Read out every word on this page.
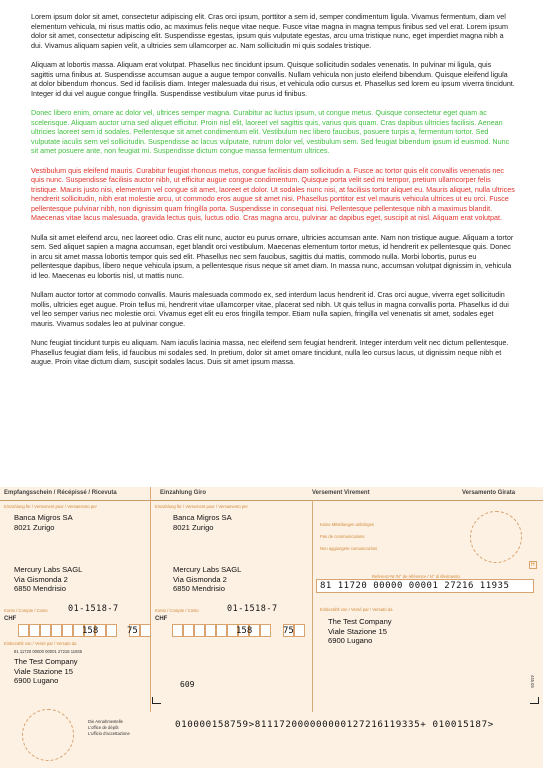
Lorem ipsum dolor sit amet, consectetur adipiscing elit. Cras orci ipsum, porttitor a sem id, semper condimentum ligula. Vivamus fermentum, diam vel elementum vehicula, mi risus mattis odio, ac maximus felis neque vitae neque. Fusce vitae magna in magna tempus finibus sed vel erat. Lorem ipsum dolor sit amet, consectetur adipiscing elit. Suspendisse egestas, ipsum quis vulputate egestas, arcu urna tristique nunc, eget imperdiet magna nibh a dui. Vivamus aliquam sapien velit, a ultricies sem ullamcorper ac. Nam sollicitudin mi quis sodales tristique.

Aliquam at lobortis massa. Aliquam erat volutpat. Phasellus nec tincidunt ipsum. Quisque sollicitudin sodales venenatis. In pulvinar mi ligula, quis sagittis urna finibus at. Suspendisse accumsan augue a augue tempor convallis. Nullam vehicula non justo eleifend bibendum. Quisque eleifend ligula at dolor bibendum rhoncus. Sed id facilisis diam. Integer malesuada dui risus, et vehicula odio cursus et. Phasellus sed lorem eu ipsum viverra tincidunt. Integer id dui vel augue congue fringilla. Suspendisse vestibulum vitae purus id finibus.

Donec libero enim, ornare ac dolor vel, ultrices semper magna. Curabitur ac luctus ipsum, ut congue metus. Quisque consectetur eget quam ac scelerisque. Aliquam auctor urna sed aliquet efficitur. Proin nisl elit, laoreet vel sagittis quis, varius quis quam. Cras dapibus ultricies facilisis. Aenean ultricies laoreet sem id sodales. Pellentesque sit amet condimentum elit. Vestibulum nec libero faucibus, posuere turpis a, fermentum tortor. Sed vulputate iaculis sem vel sollicitudin. Suspendisse ac lacus vulputate, rutrum dolor vel, vestibulum sem. Sed feugiat bibendum ipsum id euismod. Nunc sit amet posuere ante, non feugiat mi. Suspendisse dictum congue massa fermentum ultrices.

Vestibulum quis eleifend mauris. Curabitur feugiat rhoncus metus, congue facilisis diam sollicitudin a. Fusce ac tortor quis elit convallis venenatis nec quis nunc. Suspendisse facilisis auctor nibh, ut efficitur augue congue condimentum. Quisque porta velit sed mi tempor, pretium ullamcorper felis tristique. Mauris justo nisi, elementum vel congue sit amet, laoreet et dolor. Ut sodales nunc nisi, at facilisis tortor aliquet eu. Mauris aliquet, nulla ultrices hendrerit sollicitudin, nibh erat molestie arcu, ut commodo eros augue sit amet nisi. Phasellus porttitor est vel mauris vehicula ultrices ut eu orci. Fusce pellentesque pulvinar nibh, non dignissim quam fringilla porta. Suspendisse in consequat nisi. Pellentesque pellentesque nibh a maximus blandit. Maecenas vitae lacus malesuada, gravida lectus quis, luctus odio. Cras magna arcu, pulvinar ac dapibus eget, suscipit at nisl. Aliquam erat volutpat.

Nulla sit amet eleifend arcu, nec laoreet odio. Cras elit nunc, auctor eu purus ornare, ultricies accumsan ante. Nam non tristique augue. Aliquam a tortor sem. Sed aliquet sapien a magna accumsan, eget blandit orci vestibulum. Maecenas elementum tortor metus, id hendrerit ex pellentesque quis. Donec in arcu sit amet massa lobortis tempor quis sed elit. Phasellus nec sem faucibus, sagittis dui mattis, commodo nulla. Morbi lobortis, purus eu pellentesque dapibus, libero neque vehicula ipsum, a pellentesque risus neque sit amet diam. In massa nunc, accumsan volutpat dignissim in, vehicula id leo. Maecenas eu lobortis nisl, ut mattis nunc.

Nullam auctor tortor at commodo convallis. Mauris malesuada commodo ex, sed interdum lacus hendrerit id. Cras orci augue, viverra eget sollicitudin mollis, ultricies eget augue. Proin tellus mi, hendrerit vitae ullamcorper vitae, placerat sed nibh. Ut quis tellus in magna convallis porta. Phasellus id dui vel leo semper varius nec molestie orci. Vivamus eget elit eu eros fringilla tempor. Etiam nulla sapien, fringilla vel venenatis sit amet, sodales eget mauris. Vivamus sodales leo at pulvinar congue.

Nunc feugiat tincidunt turpis eu aliquam. Nam iaculis lacinia massa, nec eleifend sem feugiat hendrerit. Integer interdum velit nec dictum pellentesque. Phasellus feugiat diam felis, id faucibus mi sodales sed. In pretium, dolor sit amet ornare tincidunt, nulla leo cursus lacus, ut dignissim neque nibh et augue. Proin vitae dictum diam, suscipit sodales lacus. Duis sit amet ipsum massa.

Empfangsschein / Récépissé / Ricevuta	Einzahlung Giro	Versement Virement	Versamento Girata
Einzahlung für / Versement pour / Versamento per
Banca Migros SA
8021 Zurigo
Mercury Labs SAGL
Via Gismonda 2
6850 Mendrisio
Konto / Compte / Conto 01-1518-7
CHF
158	75
Einbezahlt von / Versé par / Versato da
81 11720 00000 00001 27216 11935
The Test Company
Viale Stazione 15
6900 Lugano
Die Annahmestelle
L'office de dépôt
L'ufficio d'accettazione
Einzahlung für / Versement pour / Versamento per
Banca Migros SA
8021 Zurigo
Mercury Labs SAGL
Via Gismonda 2
6850 Mendrisio
Konto / Compte / Conto	01-1518-7
CHF
158	75
609
Keine Mitteilungen anbringen
Pas de communications
Non aggiungete comunicazioni
H
Referenz-Nr./N° de référence / N° di riferimento
81 11720 00000 00001 27216 11935
Einbezahlt von / Versé par / Versato da
The Test Company
Viale Stazione 15
6900 Lugano
445.05
010000158759>811172000000000127216119335+ 010015187>
